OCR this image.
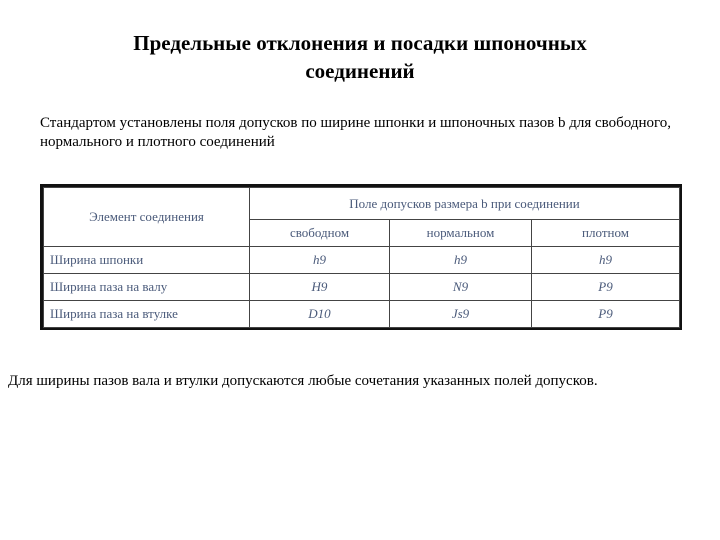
Предельные отклонения и посадки шпоночных
соединений
Стандартом установлены поля допусков по ширине шпонки и шпоночных пазов b для свободного, нормального и плотного соединений
Элемент соединения	Поле допусков размера b при соединении		
	свободном	нормальном	плотном
Ширина шпонки	h9	h9	h9
Ширина паза на валу	H9	N9	P9
Ширина паза на втулке	D10	Js9	P9
Для ширины пазов вала и втулки допускаются любые сочетания указанных полей допусков.
